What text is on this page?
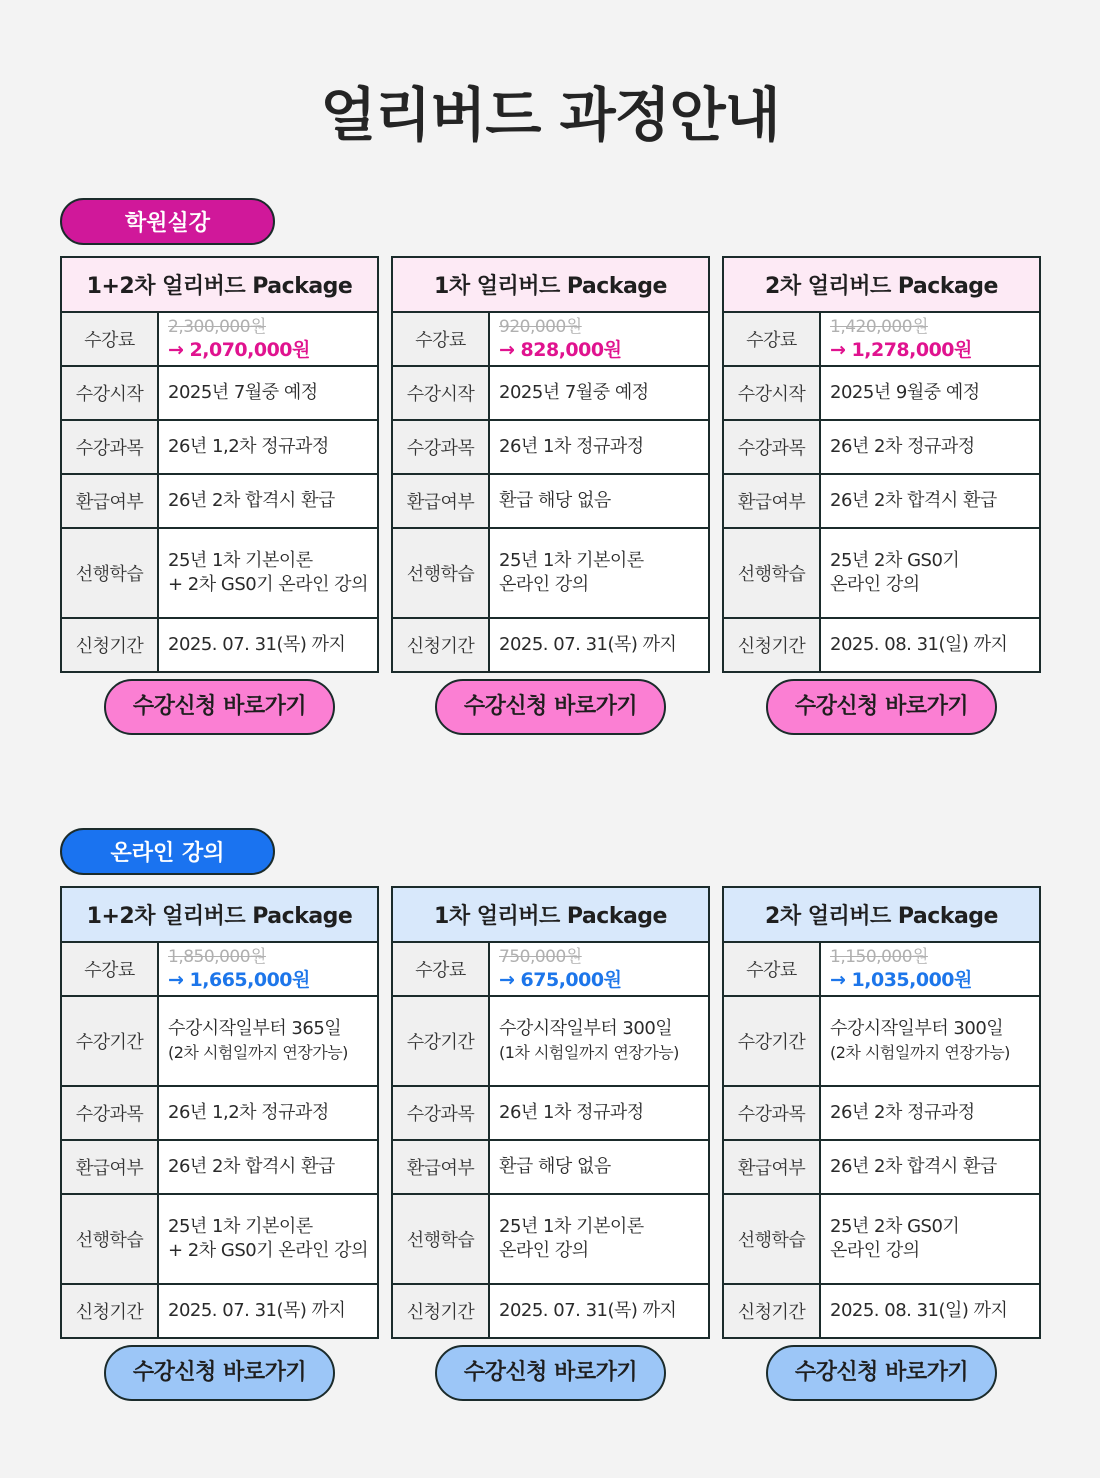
얼리버드 과정안내
학원실강
1+2차 얼리버드 Package	
수강료	2,300,000원
→ 2,070,000원

수강시작	2025년 7월중 예정
수강과목	26년 1,2차 정규과정
환급여부	26년 2차 합격시 환급
선행학습	25년 1차 기본이론
+ 2차 GS0기 온라인 강의

신청기간	2025. 07. 31(목) 까지
수강신청 바로가기
1차 얼리버드 Package	
수강료	920,000원
→ 828,000원

수강시작	2025년 7월중 예정
수강과목	26년 1차 정규과정
환급여부	환급 해당 없음
선행학습	25년 1차 기본이론
온라인 강의

신청기간	2025. 07. 31(목) 까지
수강신청 바로가기
2차 얼리버드 Package	
수강료	1,420,000원
→ 1,278,000원

수강시작	2025년 9월중 예정
수강과목	26년 2차 정규과정
환급여부	26년 2차 합격시 환급
선행학습	25년 2차 GS0기
온라인 강의

신청기간	2025. 08. 31(일) 까지
수강신청 바로가기
온라인 강의
1+2차 얼리버드 Package	
수강료	1,850,000원
→ 1,665,000원

수강기간	수강시작일부터 365일
(2차 시험일까지 연장가능)

수강과목	26년 1,2차 정규과정
환급여부	26년 2차 합격시 환급
선행학습	25년 1차 기본이론
+ 2차 GS0기 온라인 강의

신청기간	2025. 07. 31(목) 까지
수강신청 바로가기
1차 얼리버드 Package	
수강료	750,000원
→ 675,000원

수강기간	수강시작일부터 300일
(1차 시험일까지 연장가능)

수강과목	26년 1차 정규과정
환급여부	환급 해당 없음
선행학습	25년 1차 기본이론
온라인 강의

신청기간	2025. 07. 31(목) 까지
수강신청 바로가기
2차 얼리버드 Package	
수강료	1,150,000원
→ 1,035,000원

수강기간	수강시작일부터 300일
(2차 시험일까지 연장가능)

수강과목	26년 2차 정규과정
환급여부	26년 2차 합격시 환급
선행학습	25년 2차 GS0기
온라인 강의

신청기간	2025. 08. 31(일) 까지
수강신청 바로가기
